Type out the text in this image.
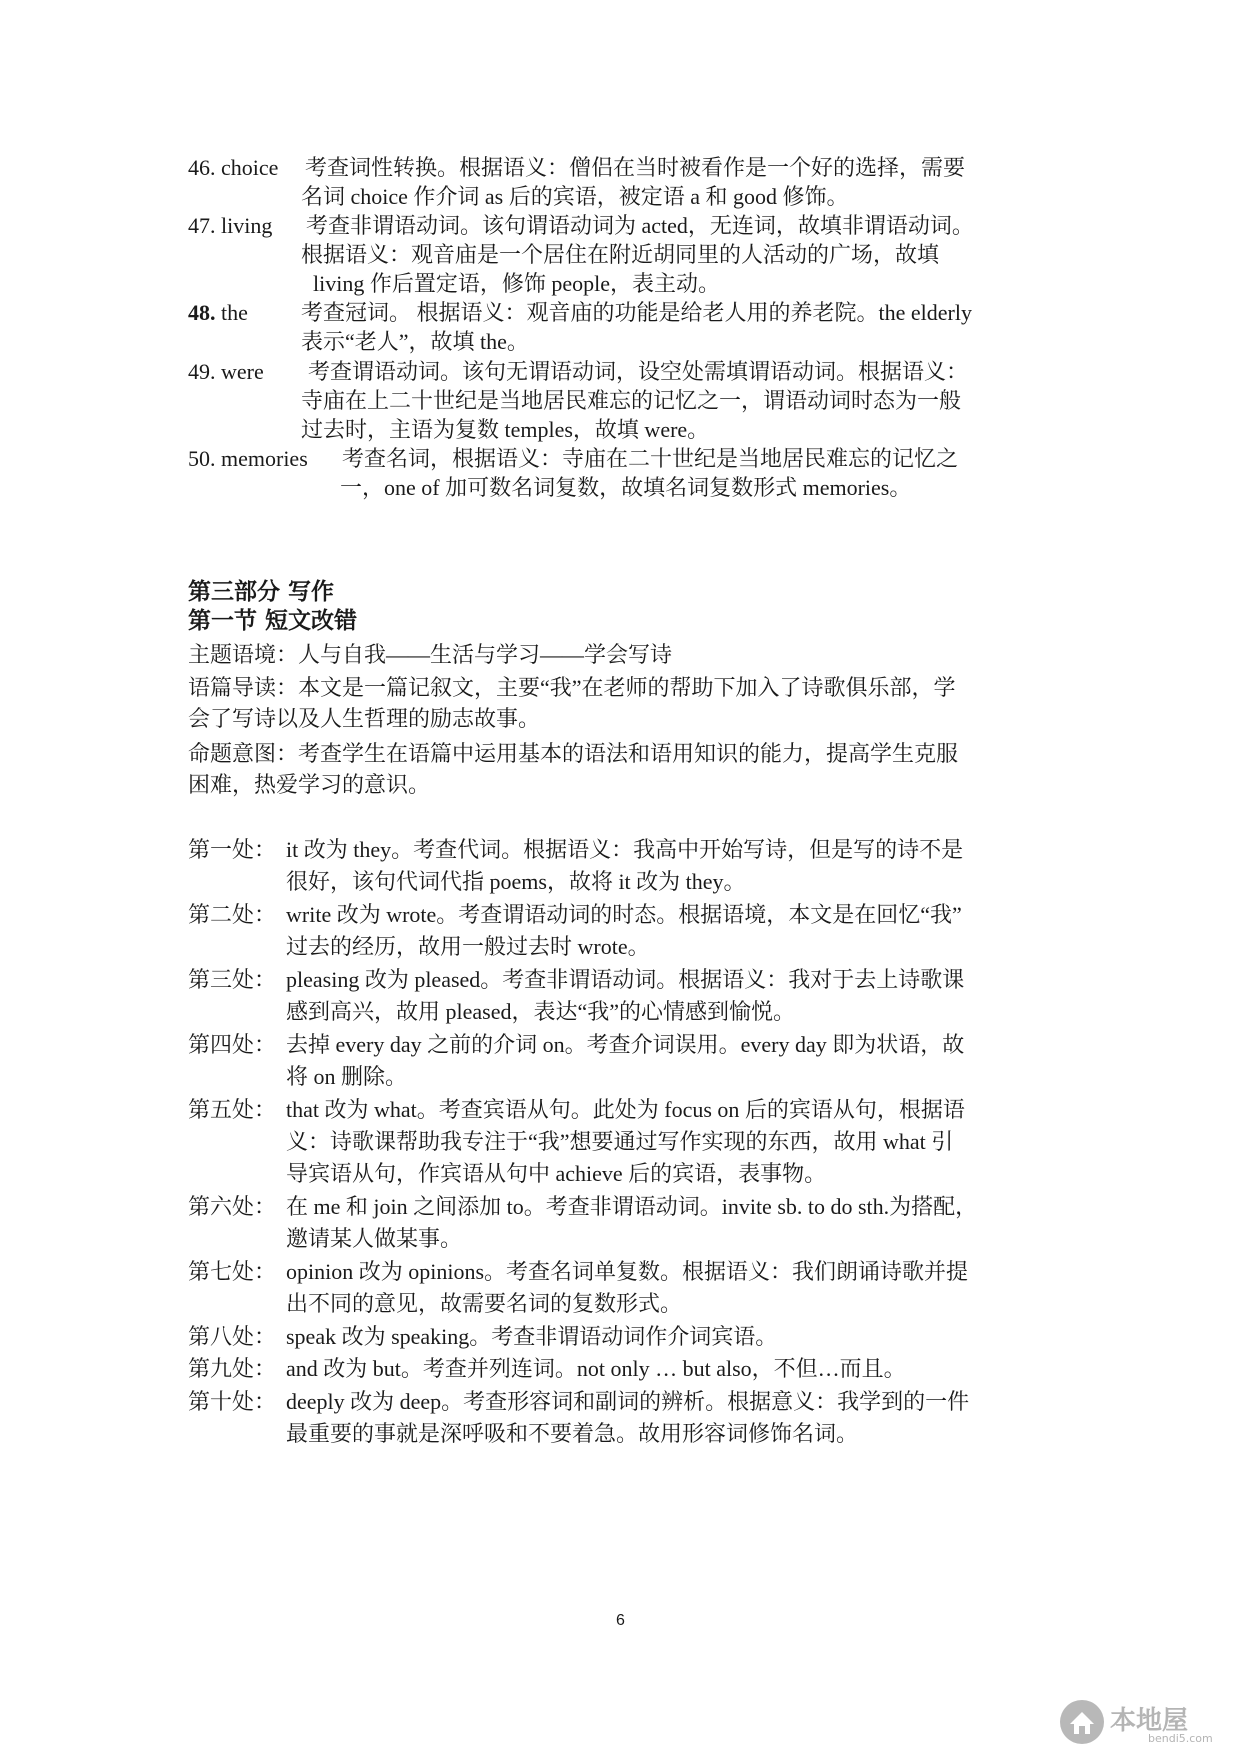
46. choice 考查词性转换。根据语义：僧侣在当时被看作是一个好的选择，需要
名词 choice 作介词 as 后的宾语，被定语 a 和 good 修饰。
47. living 考查非谓语动词。该句谓语动词为 acted，无连词，故填非谓语动词。
根据语义：观音庙是一个居住在附近胡同里的人活动的广场，故填
living 作后置定语，修饰 people，表主动。
48. the 考查冠词。 根据语义：观音庙的功能是给老人用的养老院。the elderly
表示“老人”，故填 the。
49. were 考查谓语动词。该句无谓语动词，设空处需填谓语动词。根据语义：
寺庙在上二十世纪是当地居民难忘的记忆之一，谓语动词时态为一般
过去时，主语为复数 temples，故填 were。
50. memories 考查名词，根据语义：寺庙在二十世纪是当地居民难忘的记忆之
一，one of 加可数名词复数，故填名词复数形式 memories。
第三部分 写作
第一节 短文改错
主题语境：人与自我——生活与学习——学会写诗
语篇导读：本文是一篇记叙文，主要“我”在老师的帮助下加入了诗歌俱乐部，学
会了写诗以及人生哲理的励志故事。
命题意图：考查学生在语篇中运用基本的语法和语用知识的能力，提高学生克服
困难，热爱学习的意识。
第一处： it 改为 they。考查代词。根据语义：我高中开始写诗，但是写的诗不是
很好，该句代词代指 poems，故将 it 改为 they。
第二处： write 改为 wrote。考查谓语动词的时态。根据语境，本文是在回忆“我”
过去的经历，故用一般过去时 wrote。
第三处： pleasing 改为 pleased。考查非谓语动词。根据语义：我对于去上诗歌课
感到高兴，故用 pleased，表达“我”的心情感到愉悦。
第四处： 去掉 every day 之前的介词 on。考查介词误用。every day 即为状语，故
将 on 删除。
第五处： that 改为 what。考查宾语从句。此处为 focus on 后的宾语从句，根据语
义：诗歌课帮助我专注于“我”想要通过写作实现的东西，故用 what 引
导宾语从句，作宾语从句中 achieve 后的宾语，表事物。
第六处： 在 me 和 join 之间添加 to。考查非谓语动词。invite sb. to do sth.为搭配，
邀请某人做某事。
第七处： opinion 改为 opinions。考查名词单复数。根据语义：我们朗诵诗歌并提
出不同的意见，故需要名词的复数形式。
第八处： speak 改为 speaking。考查非谓语动词作介词宾语。
第九处： and 改为 but。考查并列连词。not only … but also，不但…而且。
第十处： deeply 改为 deep。考查形容词和副词的辨析。根据意义：我学到的一件
最重要的事就是深呼吸和不要着急。故用形容词修饰名词。
6
本地屋
bendi5.com
